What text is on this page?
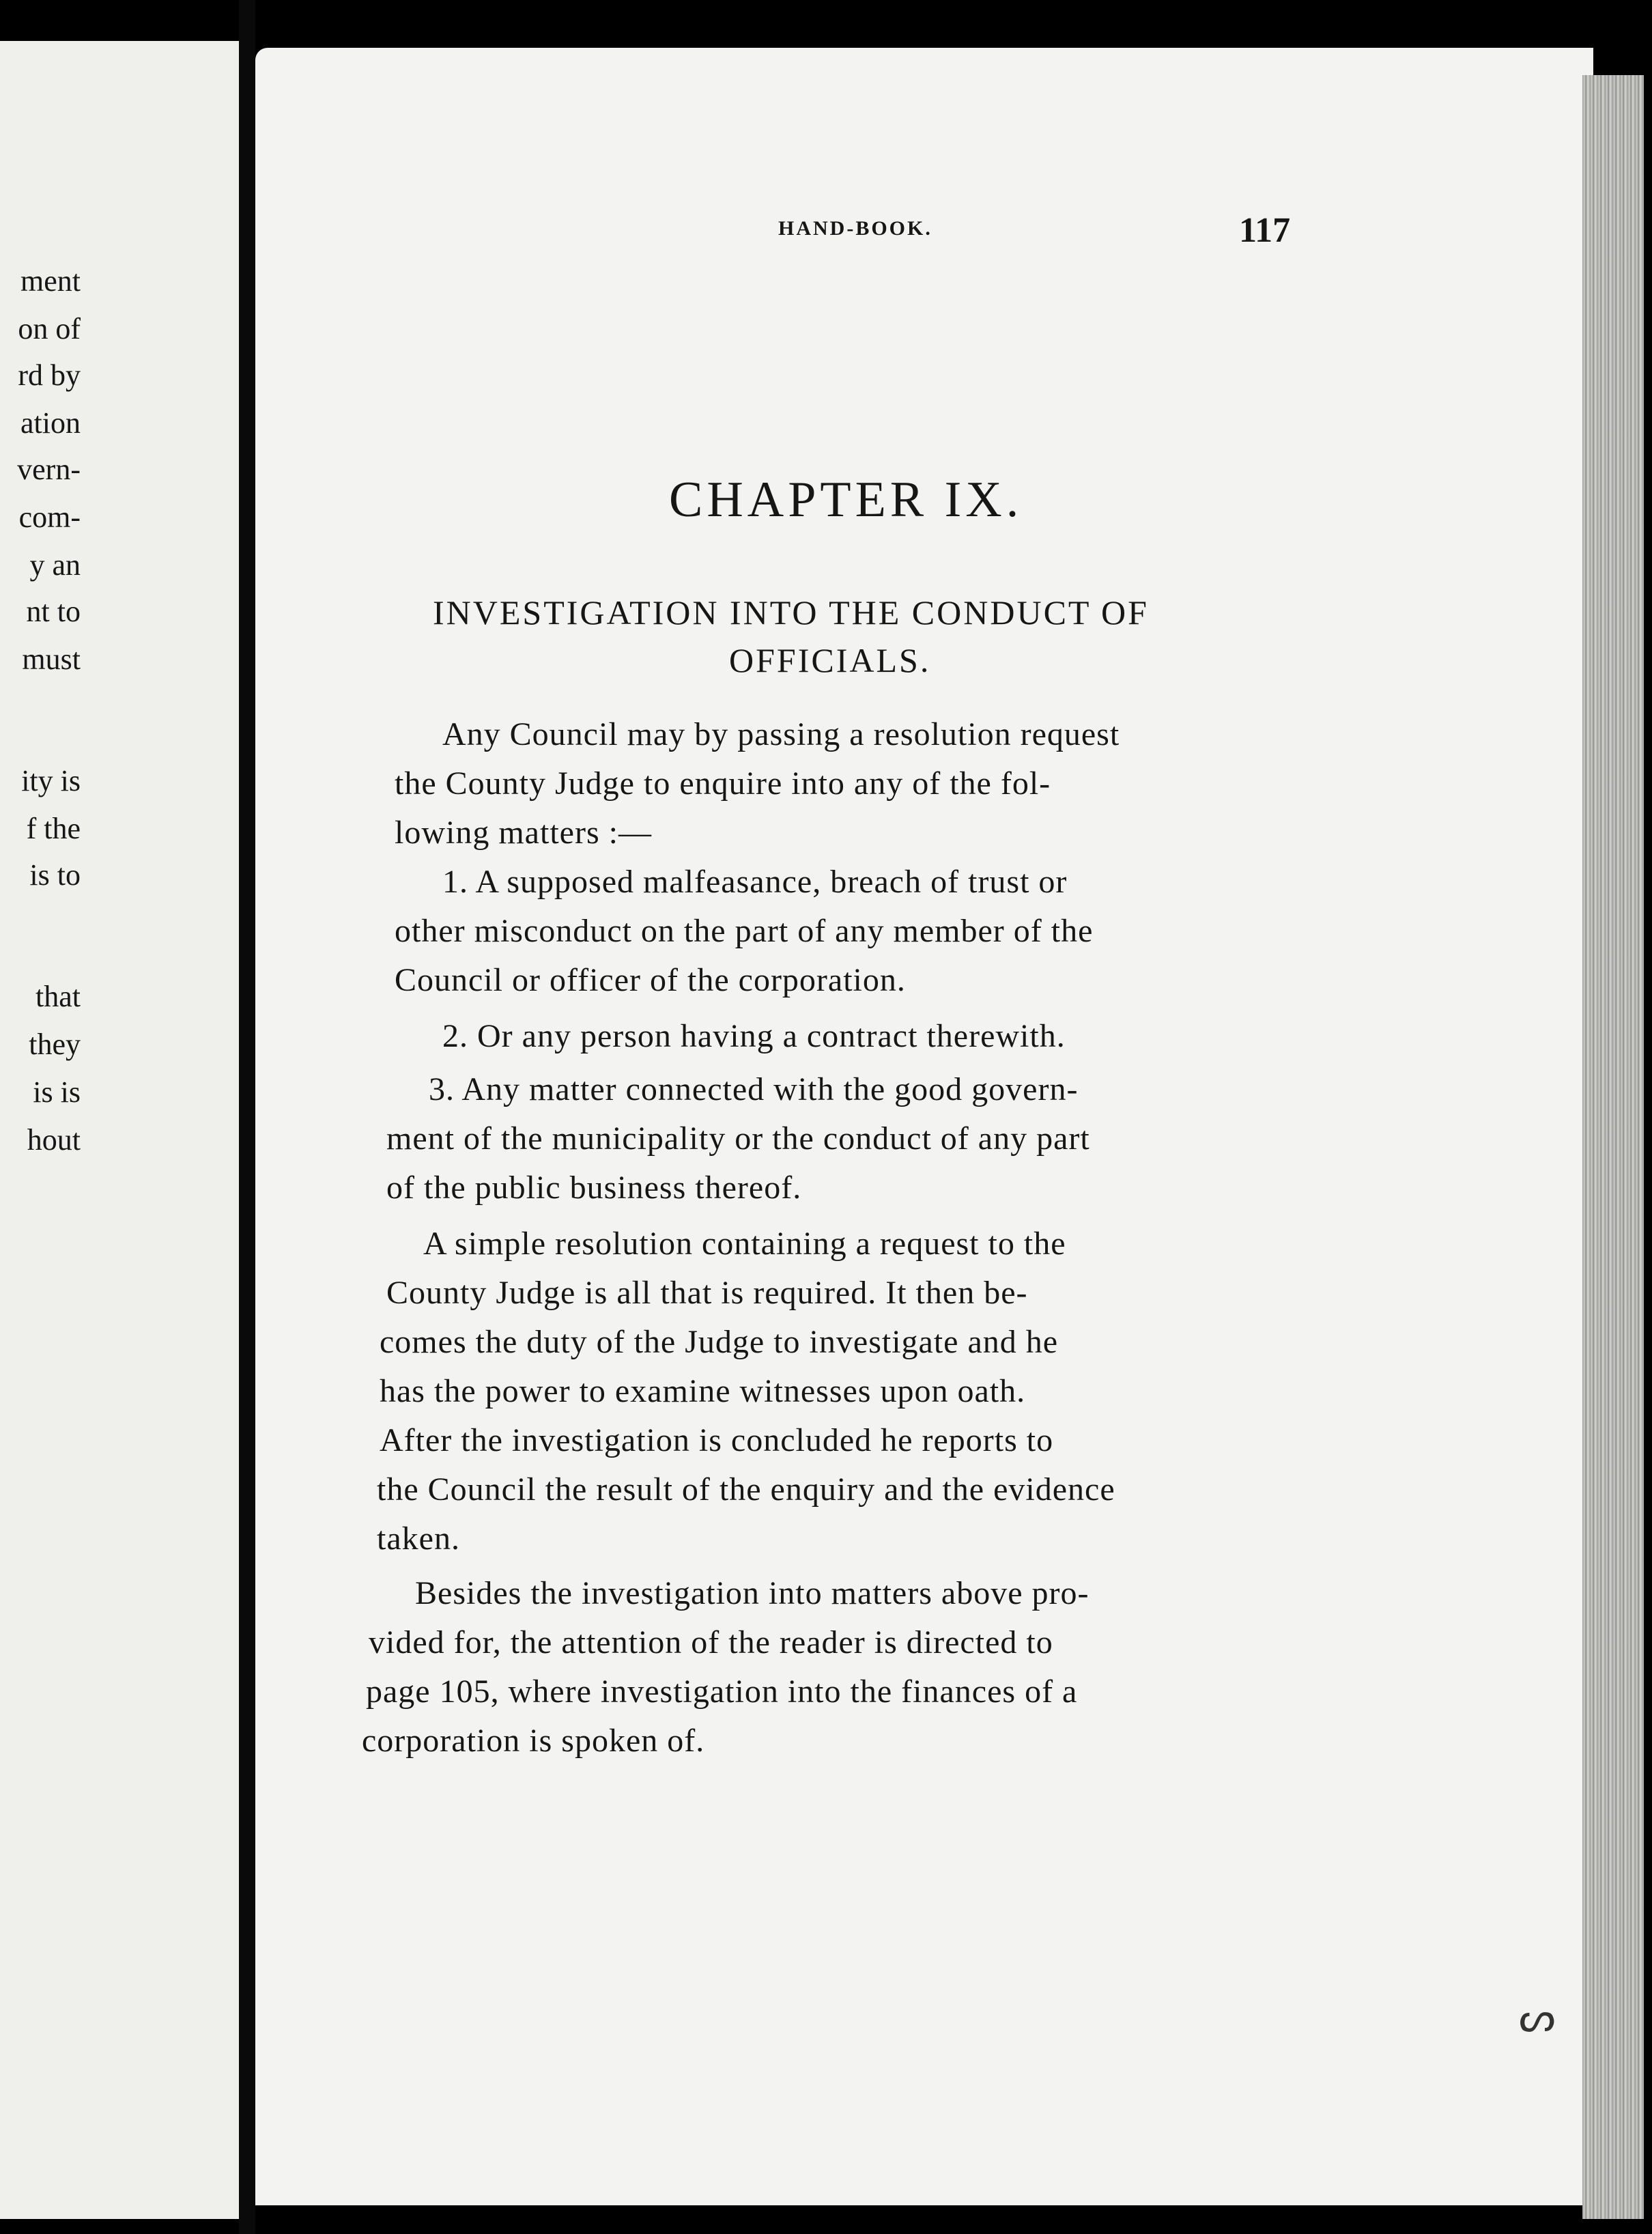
ment
on of
rd by
ation
vern-
com-
y an
nt to
must
ity is
f the
is to
that
they
is is
hout
ᔕ
HAND-BOOK.	117
CHAPTER IX.
INVESTIGATION INTO THE CONDUCT OF
OFFICIALS.
Any Council may by passing a resolution request
the County Judge to enquire into any of the fol-
lowing matters :—
1. A supposed malfeasance, breach of trust or
other misconduct on the part of any member of the
Council or officer of the corporation.
2. Or any person having a contract therewith.
3. Any matter connected with the good govern-
ment of the municipality or the conduct of any part
of the public business thereof.
A simple resolution containing a request to the
County Judge is all that is required. It then be-
comes the duty of the Judge to investigate and he
has the power to examine witnesses upon oath.
After the investigation is concluded he reports to
the Council the result of the enquiry and the evidence
taken.
Besides the investigation into matters above pro-
vided for, the attention of the reader is directed to
page 105, where investigation into the finances of a
corporation is spoken of.
